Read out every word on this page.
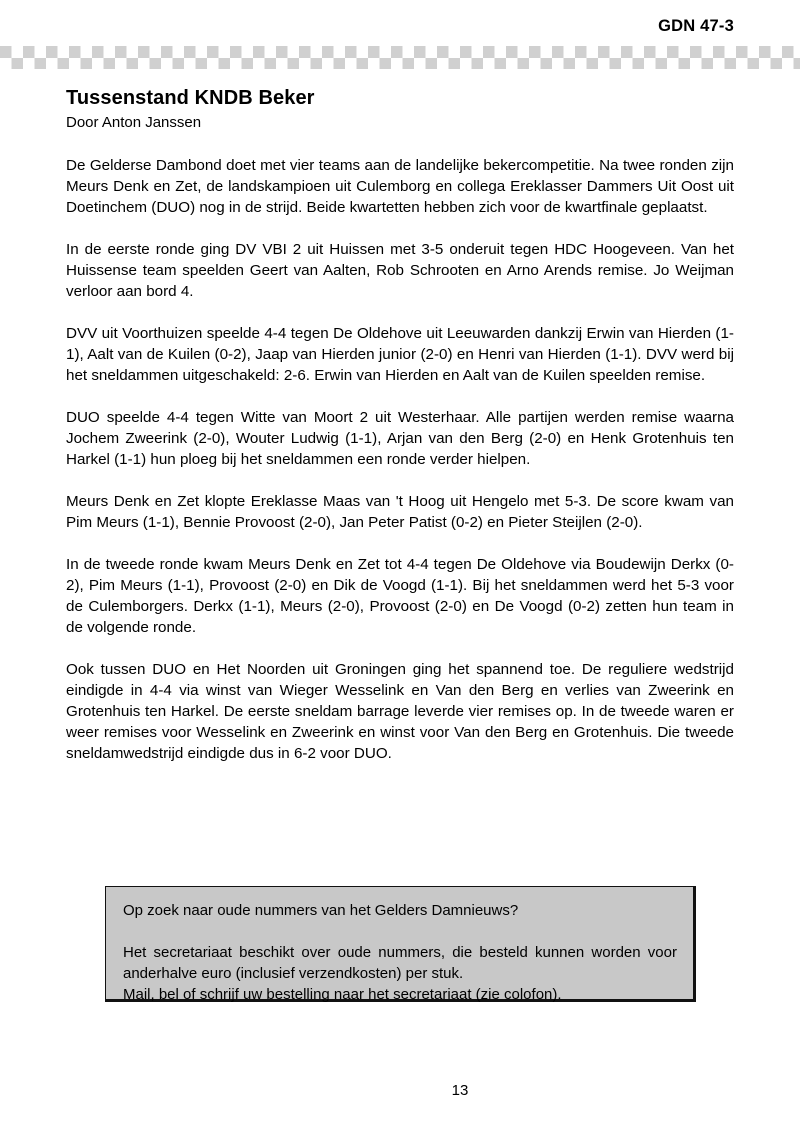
GDN 47-3
Tussenstand KNDB Beker

Door Anton Janssen

De Gelderse Dambond doet met vier teams aan de landelijke bekercompetitie. Na twee ronden zijn Meurs Denk en Zet, de landskampioen uit Culemborg en collega Ereklasser Dammers Uit Oost uit Doetinchem (DUO) nog in de strijd. Beide kwartetten hebben zich voor de kwartfinale geplaatst.

In de eerste ronde ging DV VBI 2 uit Huissen met 3-5 onderuit tegen HDC Hoogeveen. Van het Huissense team speelden Geert van Aalten, Rob Schrooten en Arno Arends remise. Jo Weijman verloor aan bord 4.

DVV uit Voorthuizen speelde 4-4 tegen De Oldehove uit Leeuwarden dankzij Erwin van Hierden (1-1), Aalt van de Kuilen (0-2), Jaap van Hierden junior (2-0) en Henri van Hierden (1-1). DVV werd bij het sneldammen uitgeschakeld: 2-6. Erwin van Hierden en Aalt van de Kuilen speelden remise.

DUO speelde 4-4 tegen Witte van Moort 2 uit Westerhaar. Alle partijen werden remise waarna Jochem Zweerink (2-0), Wouter Ludwig (1-1), Arjan van den Berg (2-0) en Henk Grotenhuis ten Harkel (1-1) hun ploeg bij het sneldammen een ronde verder hielpen.

Meurs Denk en Zet klopte Ereklasse Maas van 't Hoog uit Hengelo met 5-3. De score kwam van Pim Meurs (1-1), Bennie Provoost (2-0), Jan Peter Patist (0-2) en Pieter Steijlen (2-0).

In de tweede ronde kwam Meurs Denk en Zet tot 4-4 tegen De Oldehove via Boudewijn Derkx (0-2), Pim Meurs (1-1), Provoost (2-0) en Dik de Voogd (1-1). Bij het sneldammen werd het 5-3 voor de Culemborgers. Derkx (1-1), Meurs (2-0), Provoost (2-0) en De Voogd (0-2) zetten hun team in de volgende ronde.

Ook tussen DUO en Het Noorden uit Groningen ging het spannend toe. De reguliere wedstrijd eindigde in 4-4 via winst van Wieger Wesselink en Van den Berg en verlies van Zweerink en Grotenhuis ten Harkel. De eerste sneldam barrage leverde vier remises op. In de tweede waren er weer remises voor Wesselink en Zweerink en winst voor Van den Berg en Grotenhuis. Die tweede sneldamwedstrijd eindigde dus in 6-2 voor DUO.

Op zoek naar oude nummers van het Gelders Damnieuws?

Het secretariaat beschikt over oude nummers, die besteld kunnen worden voor anderhalve euro (inclusief verzendkosten) per stuk.

Mail, bel of schrijf uw bestelling naar het secretariaat (zie colofon).

13
